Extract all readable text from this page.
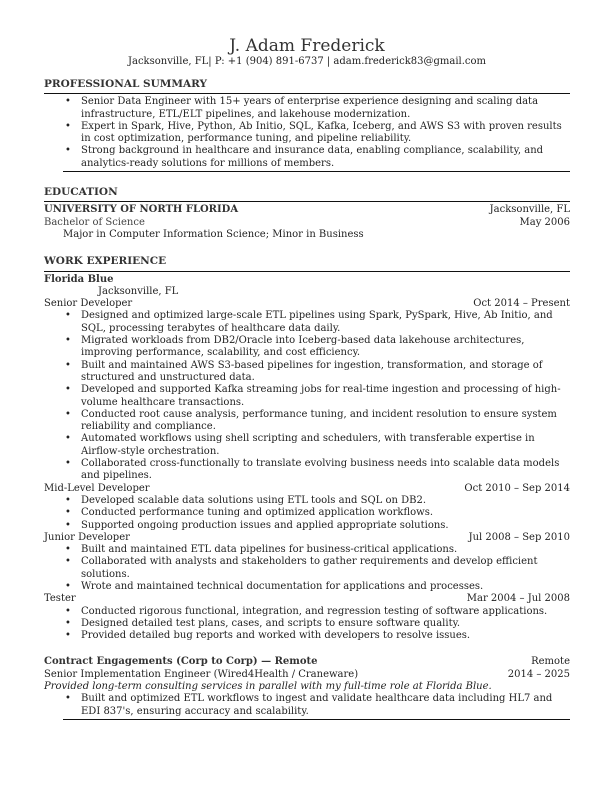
J. Adam Frederick
Jacksonville, FL| P: +1 (904) 891-6737 | adam.frederick83@gmail.com
PROFESSIONAL SUMMARY
• Senior Data Engineer with 15+ years of enterprise experience designing and scaling data infrastructure, ETL/ELT pipelines, and lakehouse modernization.
• Expert in Spark, Hive, Python, Ab Initio, SQL, Kafka, Iceberg, and AWS S3 with proven results in cost optimization, performance tuning, and pipeline reliability.
• Strong background in healthcare and insurance data, enabling compliance, scalability, and analytics-ready solutions for millions of members.
EDUCATION
UNIVERSITY OF NORTH FLORIDA	Jacksonville, FL
Bachelor of Science	May 2006
Major in Computer Information Science; Minor in Business
WORK EXPERIENCE
Florida Blue
Jacksonville, FL
Senior Developer	Oct 2014 – Present
• Designed and optimized large-scale ETL pipelines using Spark, PySpark, Hive, Ab Initio, and SQL, processing terabytes of healthcare data daily.
• Migrated workloads from DB2/Oracle into Iceberg-based data lakehouse architectures, improving performance, scalability, and cost efficiency.
• Built and maintained AWS S3-based pipelines for ingestion, transformation, and storage of structured and unstructured data.
• Developed and supported Kafka streaming jobs for real-time ingestion and processing of high-volume healthcare transactions.
• Conducted root cause analysis, performance tuning, and incident resolution to ensure system reliability and compliance.
• Automated workflows using shell scripting and schedulers, with transferable expertise in Airflow-style orchestration.
• Collaborated cross-functionally to translate evolving business needs into scalable data models and pipelines.
Mid-Level Developer	Oct 2010 – Sep 2014
• Developed scalable data solutions using ETL tools and SQL on DB2.
• Conducted performance tuning and optimized application workflows.
• Supported ongoing production issues and applied appropriate solutions.
Junior Developer	Jul 2008 – Sep 2010
• Built and maintained ETL data pipelines for business-critical applications.
• Collaborated with analysts and stakeholders to gather requirements and develop efficient solutions.
• Wrote and maintained technical documentation for applications and processes.
Tester	Mar 2004 – Jul 2008
• Conducted rigorous functional, integration, and regression testing of software applications.
• Designed detailed test plans, cases, and scripts to ensure software quality.
• Provided detailed bug reports and worked with developers to resolve issues.
Contract Engagements (Corp to Corp) — Remote	Remote
Senior Implementation Engineer (Wired4Health / Craneware)	2014 – 2025
Provided long-term consulting services in parallel with my full-time role at Florida Blue.
• Built and optimized ETL workflows to ingest and validate healthcare data including HL7 and EDI 837's, ensuring accuracy and scalability.
